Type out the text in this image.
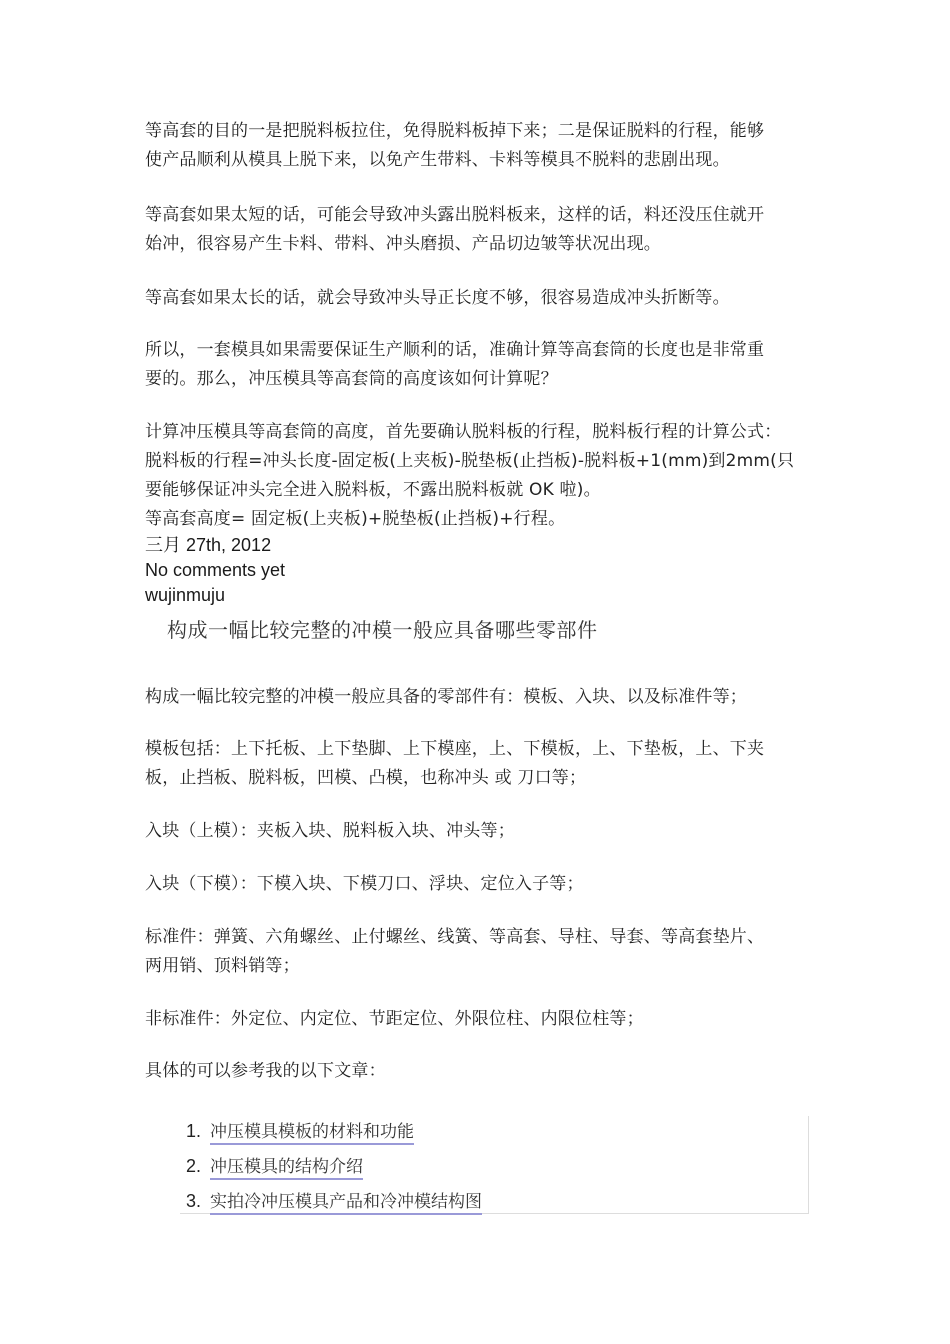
等高套的目的一是把脱料板拉住，免得脱料板掉下来；二是保证脱料的行程，能够
使产品顺利从模具上脱下来，以免产生带料、卡料等模具不脱料的悲剧出现。

等高套如果太短的话，可能会导致冲头露出脱料板来，这样的话，料还没压住就开
始冲，很容易产生卡料、带料、冲头磨损、产品切边皱等状况出现。

等高套如果太长的话，就会导致冲头导正长度不够，很容易造成冲头折断等。

所以，一套模具如果需要保证生产顺利的话，准确计算等高套筒的长度也是非常重
要的。那么，冲压模具等高套筒的高度该如何计算呢？

计算冲压模具等高套筒的高度，首先要确认脱料板的行程，脱料板行程的计算公式：
脱料板的行程=冲头长度-固定板(上夹板)-脱垫板(止挡板)-脱料板+1(mm)到2mm(只
要能够保证冲头完全进入脱料板，不露出脱料板就 OK 啦)。
等高套高度= 固定板(上夹板)+脱垫板(止挡板)+行程。

三月 27th, 2012
No comments yet
wujinmuju
构成一幅比较完整的冲模一般应具备哪些零部件

构成一幅比较完整的冲模一般应具备的零部件有：模板、入块、以及标准件等；

模板包括：上下托板、上下垫脚、上下模座，上、下模板，上、下垫板，上、下夹
板，止挡板、脱料板，凹模、凸模，也称冲头 或 刀口等；

入块（上模）：夹板入块、脱料板入块、冲头等；

入块（下模）：下模入块、下模刀口、浮块、定位入子等；

标准件：弹簧、六角螺丝、止付螺丝、线簧、等高套、导柱、导套、等高套垫片、
两用销、顶料销等；

非标准件：外定位、内定位、节距定位、外限位柱、内限位柱等；

具体的可以参考我的以下文章：

1. 冲压模具模板的材料和功能
2. 冲压模具的结构介绍
3. 实拍冷冲压模具产品和冷冲模结构图
